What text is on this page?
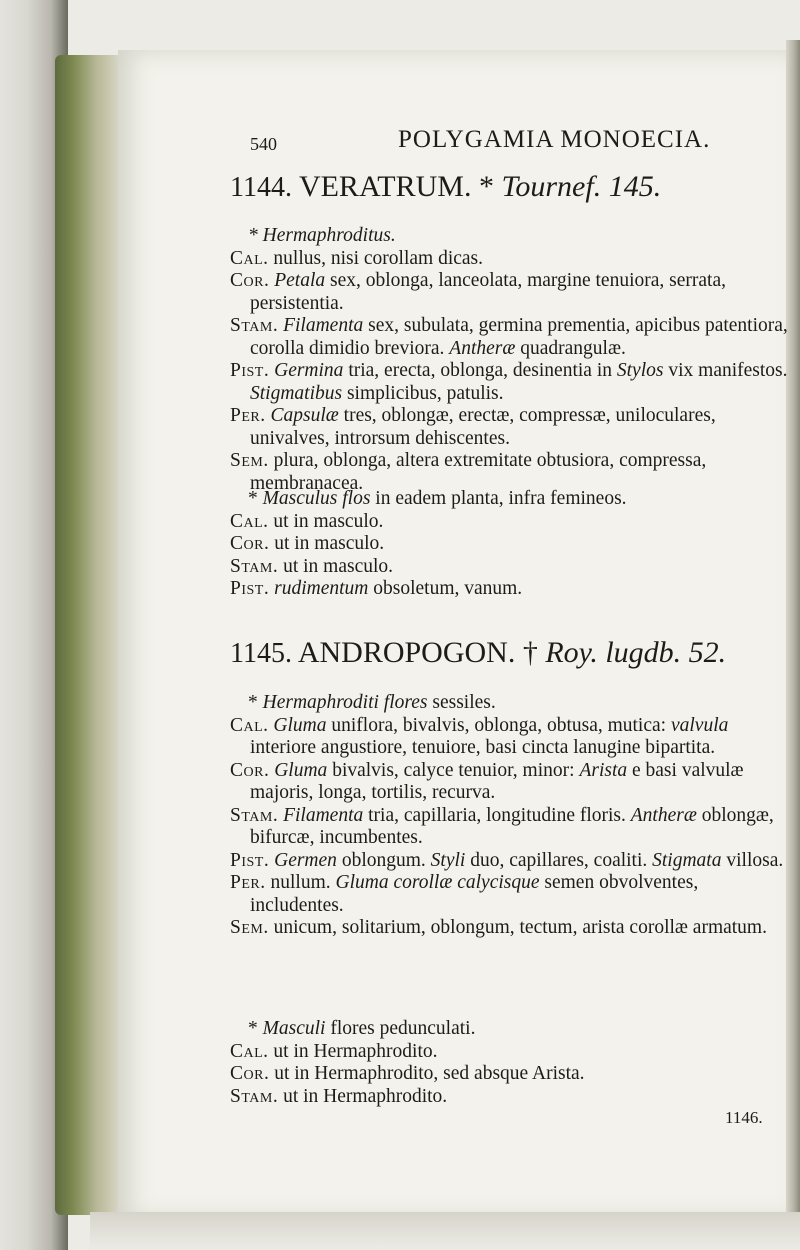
540	POLYGAMIA MONOECIA.
1144. VERATRUM. * Tournef. 145.

* Hermaphroditus.

Cal. nullus, nisi corollam dicas.

Cor. Petala sex, oblonga, lanceolata, margine tenuiora, serrata, persistentia.

Stam. Filamenta sex, subulata, germina prementia, apicibus patentiora, corolla dimidio breviora. Antheræ quadrangulæ.

Pist. Germina tria, erecta, oblonga, desinentia in Stylos vix manifestos. Stigmatibus simplicibus, patulis.

Per. Capsulæ tres, oblongæ, erectæ, compressæ, uniloculares, univalves, introrsum dehiscentes.

Sem. plura, oblonga, altera extremitate obtusiora, compressa, membranacea.

* Masculus flos in eadem planta, infra femineos.

Cal. ut in masculo.

Cor. ut in masculo.

Stam. ut in masculo.

Pist. rudimentum obsoletum, vanum.

1145. ANDROPOGON. † Roy. lugdb. 52.

* Hermaphroditi flores sessiles.

Cal. Gluma uniflora, bivalvis, oblonga, obtusa, mutica: valvula interiore angustiore, tenuiore, basi cincta lanugine bipartita.

Cor. Gluma bivalvis, calyce tenuior, minor: Arista e basi valvulæ majoris, longa, tortilis, recurva.

Stam. Filamenta tria, capillaria, longitudine floris. Antheræ oblongæ, bifurcæ, incumbentes.

Pist. Germen oblongum. Styli duo, capillares, coaliti. Stigmata villosa.

Per. nullum. Gluma corollæ calycisque semen obvolventes, includentes.

Sem. unicum, solitarium, oblongum, tectum, arista corollæ armatum.

* Masculi flores pedunculati.

Cal. ut in Hermaphrodito.

Cor. ut in Hermaphrodito, sed absque Arista.

Stam. ut in Hermaphrodito.

1146.
